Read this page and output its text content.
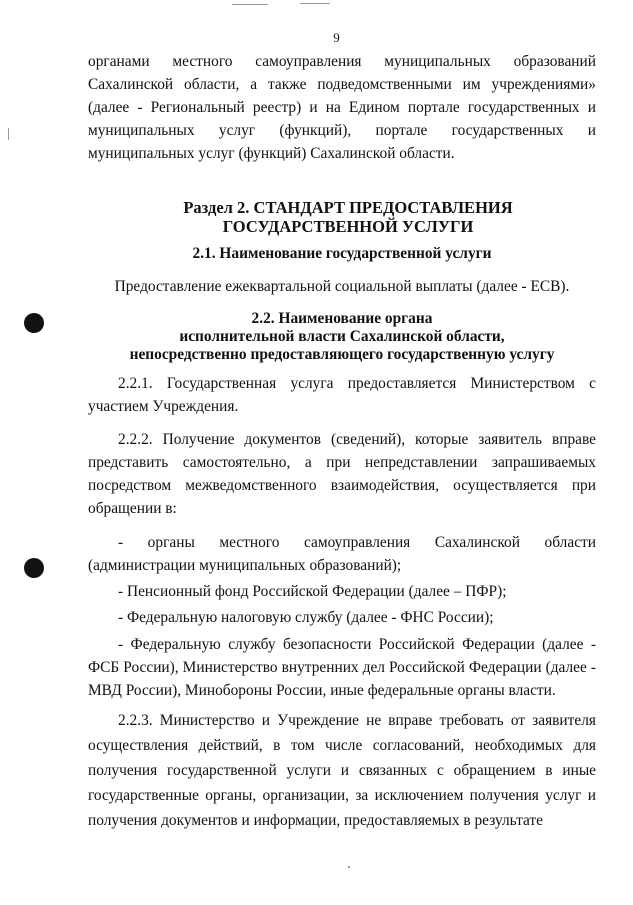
9
органами местного самоуправления муниципальных образований Сахалинской области, а также подведомственными им учреждениями» (далее - Региональный реестр) и на Едином портале государственных и муниципальных услуг (функций), портале государственных и муниципальных услуг (функций) Сахалинской области.
Раздел 2. СТАНДАРТ ПРЕДОСТАВЛЕНИЯ ГОСУДАРСТВЕННОЙ УСЛУГИ
2.1. Наименование государственной услуги
Предоставление ежеквартальной социальной выплаты (далее - ЕСВ).
2.2. Наименование органа
исполнительной власти Сахалинской области,
непосредственно предоставляющего государственную услугу
2.2.1. Государственная услуга предоставляется Министерством с участием Учреждения.
2.2.2. Получение документов (сведений), которые заявитель вправе представить самостоятельно, а при непредставлении запрашиваемых посредством межведомственного взаимодействия, осуществляется при обращении в:
- органы местного самоуправления Сахалинской области (администрации муниципальных образований);
- Пенсионный фонд Российской Федерации (далее – ПФР);
- Федеральную налоговую службу (далее - ФНС России);
- Федеральную службу безопасности Российской Федерации (далее - ФСБ России), Министерство внутренних дел Российской Федерации (далее - МВД России), Минобороны России, иные федеральные органы власти.
2.2.3. Министерство и Учреждение не вправе требовать от заявителя осуществления действий, в том числе согласований, необходимых для получения государственной услуги и связанных с обращением в иные государственные органы, организации, за исключением получения услуг и получения документов и информации, предоставляемых в результате
